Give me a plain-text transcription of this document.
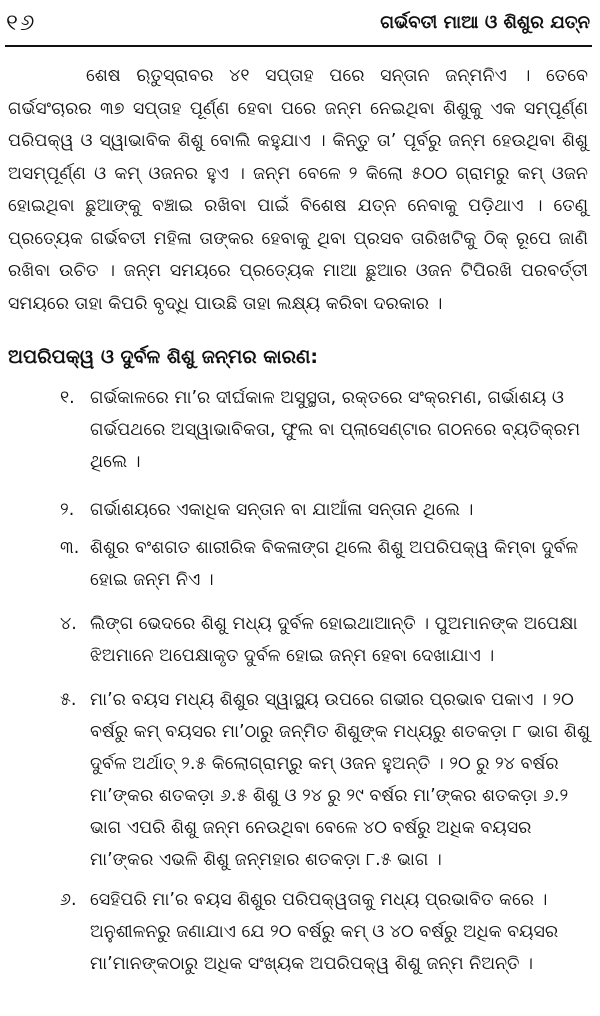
୧୬	ଗର୍ଭବତୀ ମାଆ ଓ ଶିଶୁର ଯତ୍ନ

ଶେଷ ଋତୁସ୍ରାବର ୪୧ ସପ୍ତାହ ପରେ ସନ୍ତାନ ଜନ୍ମନିଏ । ତେବେ ଗର୍ଭସଂଚାରର ୩୭ ସପ୍ତାହ ପୂର୍ଣ୍ଣ ହେବା ପରେ ଜନ୍ମ ନେଇଥିବା ଶିଶୁକୁ ଏକ ସମ୍ପୂର୍ଣ୍ଣ ପରିପକ୍ୱ ଓ ସ୍ୱାଭାବିକ ଶିଶୁ ବୋଲି କହୁଯାଏ । କିନ୍ତୁ ତା’ ପୂର୍ବରୁ ଜନ୍ମ ହେଉଥିବା ଶିଶୁ ଅସମ୍ପୂର୍ଣ୍ଣ ଓ କମ୍ ଓଜନର ହୁଏ । ଜନ୍ମ ବେଳେ ୨ କିଲୋ ୫୦୦ ଗ୍ରାମରୁ କମ୍ ଓଜନ ହୋଇଥିବା ଛୁଆଙ୍କୁ ବଞ୍ଚାଇ ରଖିବା ପାଇଁ ବିଶେଷ ଯତ୍ନ ନେବାକୁ ପଡ଼ିଥାଏ । ତେଣୁ ପ୍ରତ୍ୟେକ ଗର୍ଭବତୀ ମହିଳା ତାଙ୍କର ହେବାକୁ ଥିବା ପ୍ରସବ ତାରିଖଟିକୁ ଠିକ୍ ରୂପେ ଜାଣି ରଖିବା ଉଚିତ । ଜନ୍ମ ସମୟରେ ପ୍ରତ୍ୟେକ ମାଆ ଛୁଆର ଓଜନ ଟିପିରଖି ପରବର୍ତ୍ତୀ ସମୟରେ ତାହା କିପରି ବୃଦ୍ଧି ପାଉଛି ତାହା ଲକ୍ଷ୍ୟ କରିବା ଦରକାର ।

ଅପରିପକ୍ୱ ଓ ଦୁର୍ବଳ ଶିଶୁ ଜନ୍ମର କାରଣ:
୧. ଗର୍ଭକାଳରେ ମା’ର ଦୀର୍ଘକାଳ ଅସୁସ୍ଥତା, ରକ୍ତରେ ସଂକ୍ରମଣ, ଗର୍ଭାଶୟ ଓ ଗର୍ଭପଥରେ ଅସ୍ୱାଭାବିକତା, ଫୁଲ ବା ପ୍ଲାସେଣ୍ଟାର ଗଠନରେ ବ୍ୟତିକ୍ରମ ଥିଲେ ।
୨. ଗର୍ଭାଶୟରେ ଏକାଧିକ ସନ୍ତାନ ବା ଯାଆଁଳା ସନ୍ତାନ ଥିଲେ ।
୩. ଶିଶୁର ବଂଶଗତ ଶାରୀରିକ ବିକଳାଙ୍ଗ ଥିଲେ ଶିଶୁ ଅପରିପକ୍ୱ କିମ୍ବା ଦୁର୍ବଳ ହୋଇ ଜନ୍ମ ନିଏ ।
୪. ଲିଙ୍ଗ ଭେଦରେ ଶିଶୁ ମଧ୍ୟ ଦୁର୍ବଳ ହୋଇଥାଆନ୍ତି । ପୁଅମାନଙ୍କ ଅପେକ୍ଷା ଝିଅମାନେ ଅପେକ୍ଷାକୃତ ଦୁର୍ବଳ ହୋଇ ଜନ୍ମ ହେବା ଦେଖାଯାଏ ।
୫. ମା’ର ବୟସ ମଧ୍ୟ ଶିଶୁର ସ୍ୱାସ୍ଥ୍ୟ ଉପରେ ଗଭୀର ପ୍ରଭାବ ପକାଏ । ୨୦ ବର୍ଷରୁ କମ୍ ବୟସର ମା’ଠାରୁ ଜନ୍ମିତ ଶିଶୁଙ୍କ ମଧ୍ୟରୁ ଶତକଡ଼ା ୮ ଭାଗ ଶିଶୁ ଦୁର୍ବଳ ଅର୍ଥାତ୍ ୨.୫ କିଲୋଗ୍ରାମ୍‌ରୁ କମ୍ ଓଜନ ହୁଅନ୍ତି । ୨୦ ରୁ ୨୪ ବର୍ଷର ମା’ଙ୍କର ଶତକଡ଼ା ୬.୫ ଶିଶୁ ଓ ୨୪ ରୁ ୨୯ ବର୍ଷର ମା’ଙ୍କର ଶତକଡ଼ା ୬.୨ ଭାଗ ଏପରି ଶିଶୁ ଜନ୍ମ ନେଉଥିବା ବେଳେ ୪୦ ବର୍ଷରୁ ଅଧିକ ବୟସର ମା’ଙ୍କର ଏଭଳି ଶିଶୁ ଜନ୍ମହାର ଶତକଡ଼ା ୮.୫ ଭାଗ ।
୬. ସେହିପରି ମା’ର ବୟସ ଶିଶୁର ପରିପକ୍ୱତାକୁ ମଧ୍ୟ ପ୍ରଭାବିତ କରେ । ଅନୁଶୀଳନରୁ ଜଣାଯାଏ ଯେ ୨୦ ବର୍ଷରୁ କମ୍ ଓ ୪୦ ବର୍ଷରୁ ଅଧିକ ବୟସର ମା’ମାନଙ୍କଠାରୁ ଅଧିକ ସଂଖ୍ୟକ ଅପରିପକ୍ୱ ଶିଶୁ ଜନ୍ମ ନିଅନ୍ତି ।
